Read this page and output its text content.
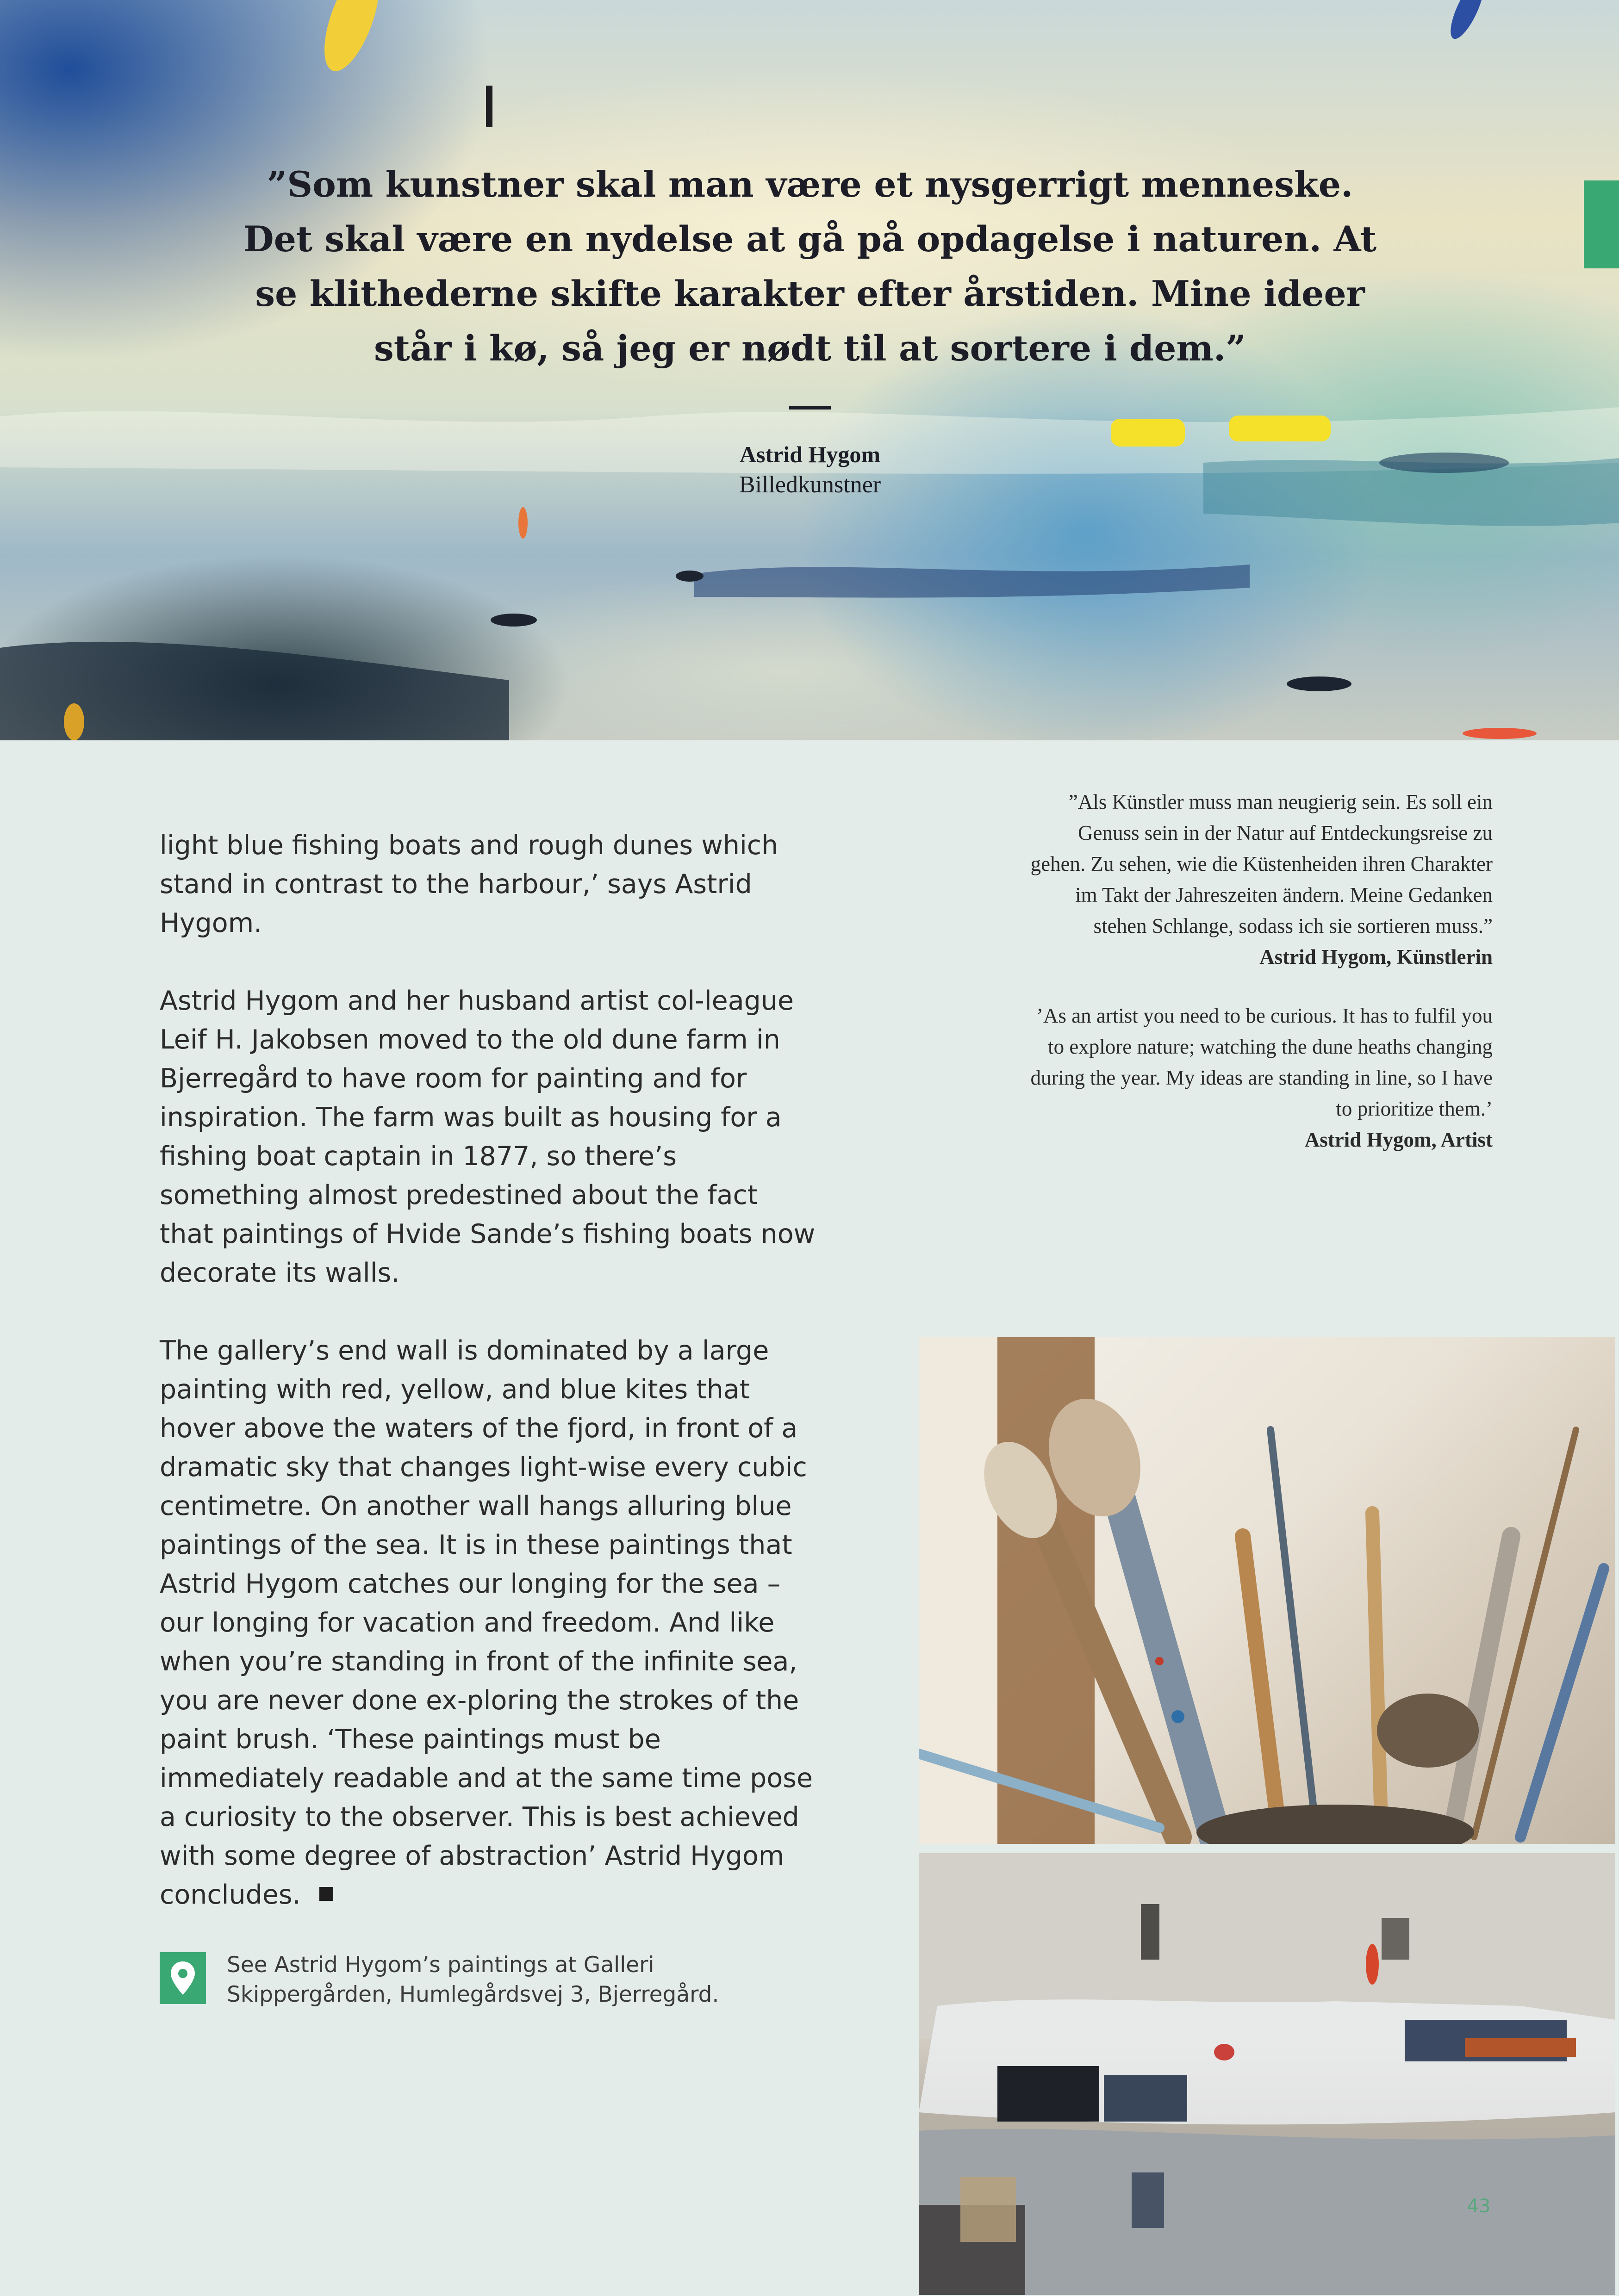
”Som kunstner skal man være et nysgerrigt menneske.
Det skal være en nydelse at gå på opdagelse i naturen. At
se klithederne skifte karakter efter årstiden. Mine ideer
står i kø, så jeg er nødt til at sortere i dem.”

Astrid Hygom
Billedkunstner

light blue fishing boats and rough dunes which stand in contrast to the harbour,’ says Astrid Hygom.

Astrid Hygom and her husband artist col-league Leif H. Jakobsen moved to the old dune farm in Bjerregård to have room for painting and for inspiration. The farm was built as housing for a fishing boat captain in 1877, so there’s something almost predestined about the fact that paintings of Hvide Sande’s fishing boats now decorate its walls.

The gallery’s end wall is dominated by a large painting with red, yellow, and blue kites that hover above the waters of the fjord, in front of a dramatic sky that changes light-wise every cubic centimetre. On another wall hangs alluring blue paintings of the sea. It is in these paintings that Astrid Hygom catches our longing for the sea – our longing for vacation and freedom. And like when you’re standing in front of the infinite sea, you are never done ex-ploring the strokes of the paint brush. ‘These paintings must be immediately readable and at the same time pose a curiosity to the observer. This is best achieved with some degree of abstraction’ Astrid Hygom concludes.

See Astrid Hygom’s paintings at Galleri Skippergården, Humlegårdsvej 3, Bjerregård.

”Als Künstler muss man neugierig sein. Es soll ein Genuss sein in der Natur auf Entdeckungsreise zu gehen. Zu sehen, wie die Küstenheiden ihren Charakter im Takt der Jahreszeiten ändern. Meine Gedanken stehen Schlange, sodass ich sie sortieren muss.”

Astrid Hygom, Künstlerin

’As an artist you need to be curious. It has to fulfil you to explore nature; watching the dune heaths changing during the year. My ideas are standing in line, so I have to prioritize them.’

Astrid Hygom, Artist

43
